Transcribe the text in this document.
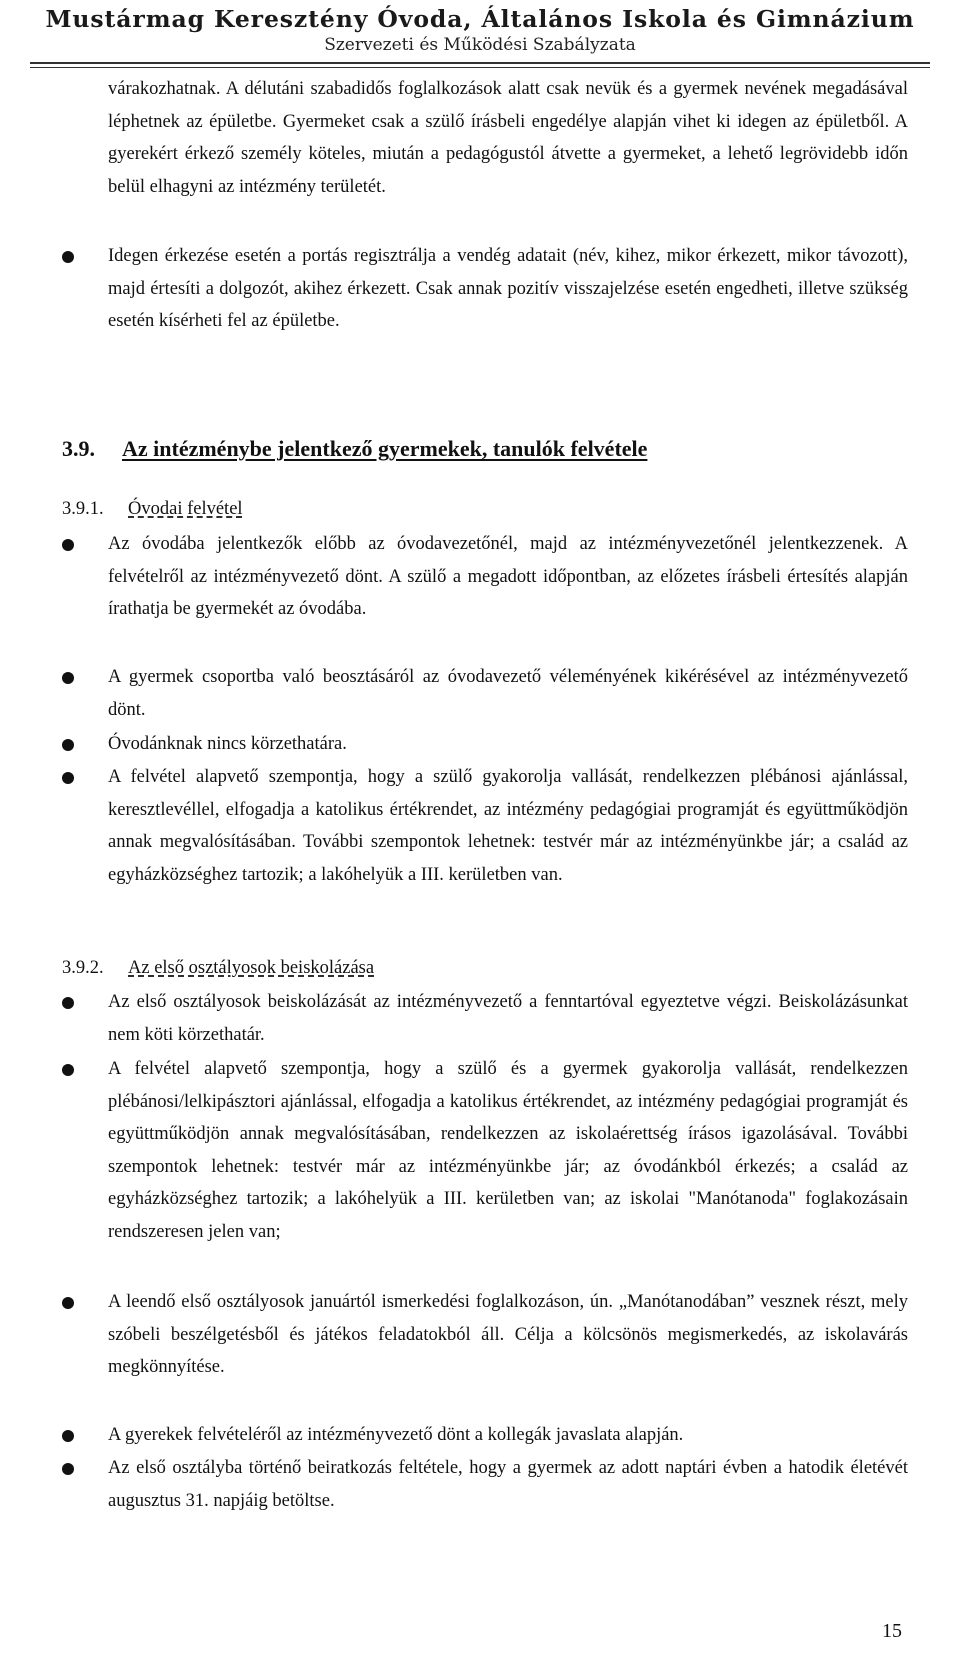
Mustármag Keresztény Óvoda, Általános Iskola és Gimnázium
Szervezeti és Működési Szabályzata

várakozhatnak. A délutáni szabadidős foglalkozások alatt csak nevük és a gyermek nevének megadásával léphetnek az épületbe. Gyermeket csak a szülő írásbeli engedélye alapján vihet ki idegen az épületből. A gyerekért érkező személy köteles, miután a pedagógustól átvette a gyermeket, a lehető legrövidebb időn belül elhagyni az intézmény területét.

Idegen érkezése esetén a portás regisztrálja a vendég adatait (név, kihez, mikor érkezett, mikor távozott), majd értesíti a dolgozót, akihez érkezett. Csak annak pozitív visszajelzése esetén engedheti, illetve szükség esetén kísérheti fel az épületbe.

3.9. Az intézménybe jelentkező gyermekek, tanulók felvétele
3.9.1. Óvodai felvétel

Az óvodába jelentkezők előbb az óvodavezetőnél, majd az intézményvezetőnél jelentkezzenek. A felvételről az intézményvezető dönt. A szülő a megadott időpontban, az előzetes írásbeli értesítés alapján írathatja be gyermekét az óvodába.

A gyermek csoportba való beosztásáról az óvodavezető véleményének kikérésével az intézményvezető dönt.

Óvodánknak nincs körzethatára.

A felvétel alapvető szempontja, hogy a szülő gyakorolja vallását, rendelkezzen plébánosi ajánlással, keresztlevéllel, elfogadja a katolikus értékrendet, az intézmény pedagógiai programját és együttműködjön annak megvalósításában. További szempontok lehetnek: testvér már az intézményünkbe jár; a család az egyházközséghez tartozik; a lakóhelyük a III. kerületben van.

3.9.2. Az első osztályosok beiskolázása

Az első osztályosok beiskolázását az intézményvezető a fenntartóval egyeztetve végzi. Beiskolázásunkat nem köti körzethatár.

A felvétel alapvető szempontja, hogy a szülő és a gyermek gyakorolja vallását, rendelkezzen plébánosi/lelkipásztori ajánlással, elfogadja a katolikus értékrendet, az intézmény pedagógiai programját és együttműködjön annak megvalósításában, rendelkezzen az iskolaérettség írásos igazolásával. További szempontok lehetnek: testvér már az intézményünkbe jár; az óvodánkból érkezés; a család az egyházközséghez tartozik; a lakóhelyük a III. kerületben van; az iskolai "Manótanoda" foglakozásain rendszeresen jelen van;

A leendő első osztályosok januártól ismerkedési foglalkozáson, ún. „Manótanodában” vesznek részt, mely szóbeli beszélgetésből és játékos feladatokból áll. Célja a kölcsönös megismerkedés, az iskolavárás megkönnyítése.

A gyerekek felvételéről az intézményvezető dönt a kollegák javaslata alapján.

Az első osztályba történő beiratkozás feltétele, hogy a gyermek az adott naptári évben a hatodik életévét augusztus 31. napjáig betöltse.

15
